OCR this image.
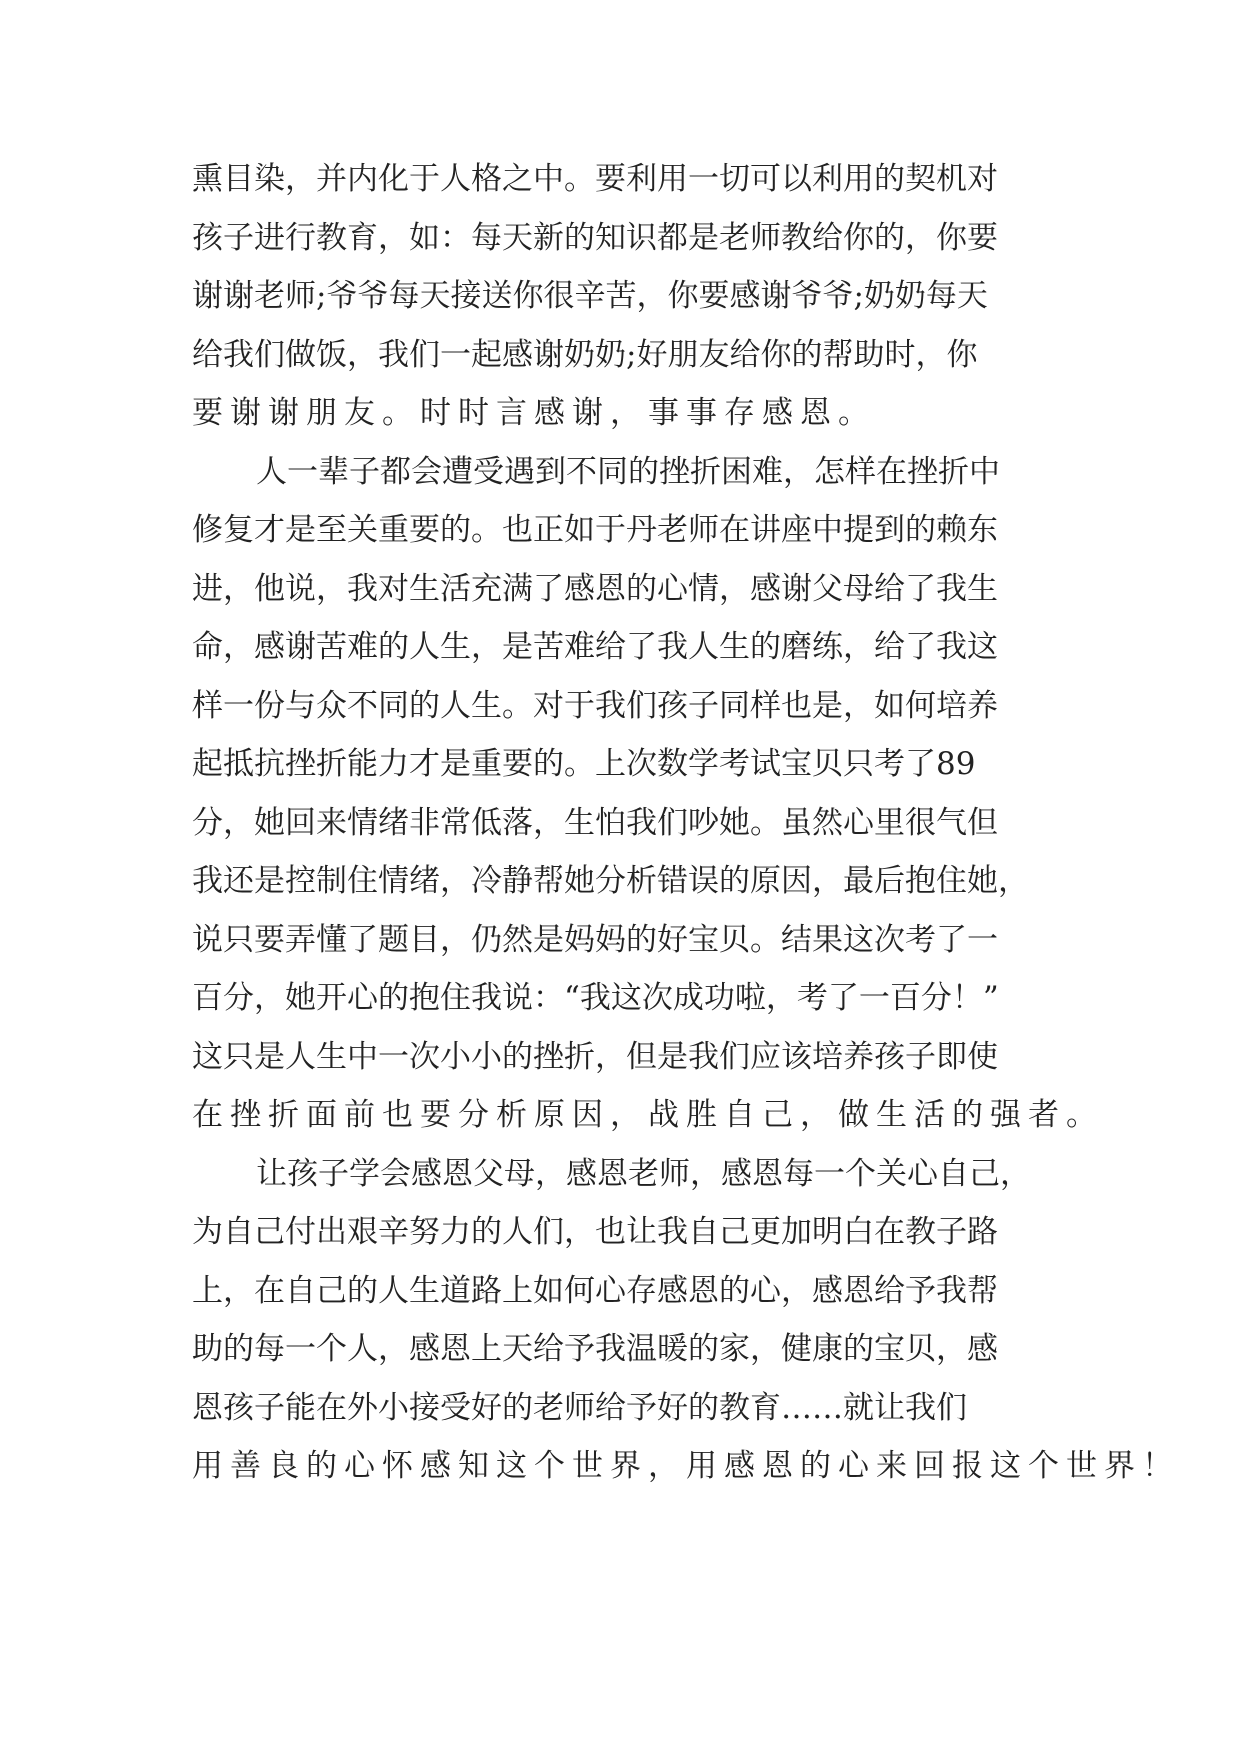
熏目染，并内化于人格之中。要利用一切可以利用的契机对
孩子进行教育，如：每天新的知识都是老师教给你的，你要
谢谢老师;爷爷每天接送你很辛苦，你要感谢爷爷;奶奶每天
给我们做饭，我们一起感谢奶奶;好朋友给你的帮助时，你
要谢谢朋友。时时言感谢，事事存感恩。
人一辈子都会遭受遇到不同的挫折困难，怎样在挫折中
修复才是至关重要的。也正如于丹老师在讲座中提到的赖东
进，他说，我对生活充满了感恩的心情，感谢父母给了我生
命，感谢苦难的人生，是苦难给了我人生的磨练，给了我这
样一份与众不同的人生。对于我们孩子同样也是，如何培养
起抵抗挫折能力才是重要的。上次数学考试宝贝只考了89
分，她回来情绪非常低落，生怕我们吵她。虽然心里很气但
我还是控制住情绪，冷静帮她分析错误的原因，最后抱住她，
说只要弄懂了题目，仍然是妈妈的好宝贝。结果这次考了一
百分，她开心的抱住我说：“我这次成功啦，考了一百分！”
这只是人生中一次小小的挫折，但是我们应该培养孩子即使
在挫折面前也要分析原因，战胜自己，做生活的强者。
让孩子学会感恩父母，感恩老师，感恩每一个关心自己，
为自己付出艰辛努力的人们，也让我自己更加明白在教子路
上，在自己的人生道路上如何心存感恩的心，感恩给予我帮
助的每一个人，感恩上天给予我温暖的家，健康的宝贝，感
恩孩子能在外小接受好的老师给予好的教育……就让我们
用善良的心怀感知这个世界，用感恩的心来回报这个世界！
